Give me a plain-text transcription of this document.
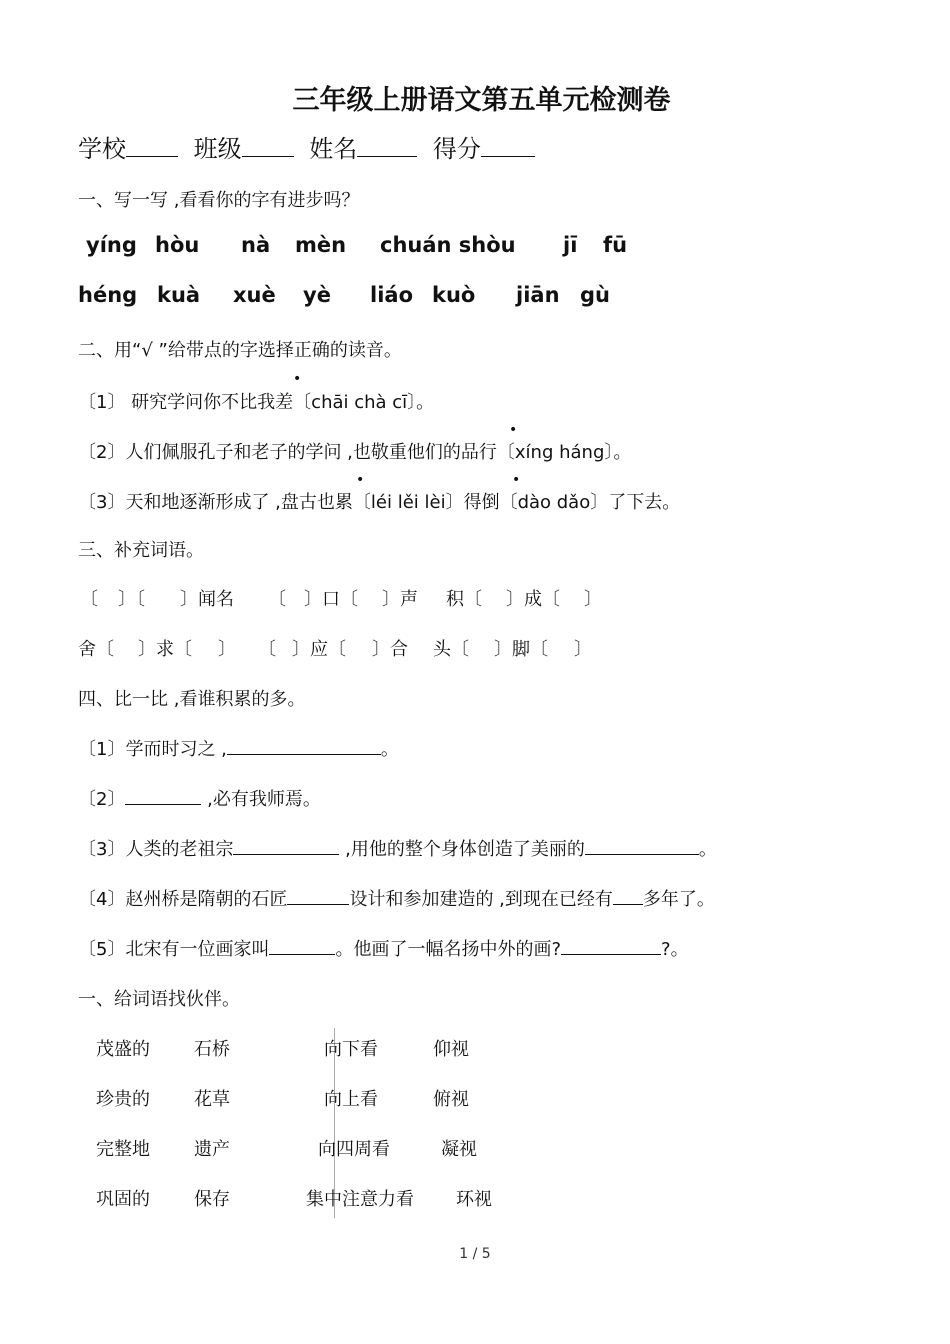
三年级上册语文第五单元检测卷
学校	班级	姓名	得分
一、写一写 ,看看你的字有进步吗？
yíng hòu nà mèn chuán shòu jī fū
héng kuà xuè yè liáo kuò jiān gù
二、用“√ ”给带点的字选择正确的读音。
•
〔1〕 研究学问你不比我差〔chāi chà cī〕。
•
〔2〕人们佩服孔子和老子的学问 ,也敬重他们的品行〔xíng háng〕。
•	•
〔3〕天和地逐渐形成了 ,盘古也累〔léi lěi lèi〕得倒〔dào dǎo〕了下去。
三、补充词语。
〔 〕〔 〕闻名 〔 〕口〔 〕声 积〔 〕成〔 〕
舍〔 〕求〔 〕 〔 〕应〔 〕合 头〔 〕脚〔 〕
四、比一比 ,看谁积累的多。
〔1〕学而时习之 ,	。
〔2〕	,必有我师焉。
〔3〕人类的老祖宗	,用他的整个身体创造了美丽的	。
〔4〕赵州桥是隋朝的石匠	设计和参加建造的 ,到现在已经有 多年了。
〔5〕北宋有一位画家叫	。他画了一幅名扬中外的画?	?。
一、给词语找伙伴。
茂盛的 石桥	向下看	仰视
珍贵的 花草	向上看	俯视
完整地 遗产	向四周看	凝视
巩固的 保存	集中注意力看 环视
1 / 5
